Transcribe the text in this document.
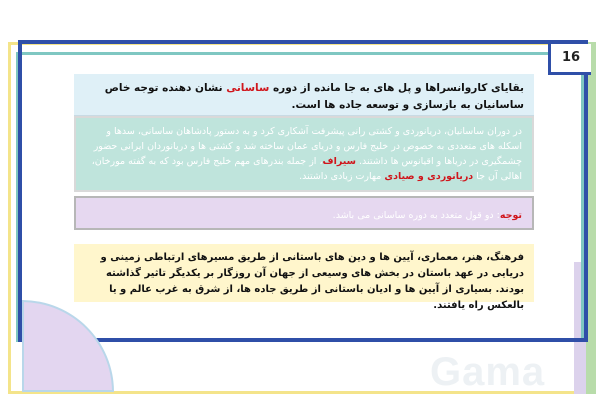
16
بقایای کاروانسراها و پل های به جا مانده از دوره ساسانی نشان دهنده توجه خاص ساسانیان به بازسازی و توسعه جاده ها است.
در دوران ساسانیان، دریانوردی و کشتی رانی پیشرفت آشکاری کرد و به دستور پادشاهان ساسانی، سدها و اسکله های متعددی به خصوص در خلیج فارس و دریای عمان ساخته شد و کشتی ها و دریانوردان ایرانی حضور چشمگیری در دریاها و اقیانوس ها داشتند. سیراف، از جمله بندرهای مهم خلیج فارس بود که به گفته مورخان، اهالی آن جا دریانوردی و صیادی مهارت زیادی داشتند.
توجه: دو قول متعدد به دوره ساسانی می باشد.
فرهنگ، هنر، معماری، آیین ها و دین های باستانی از طریق مسیرهای ارتباطی زمینی و دریایی در عهد باستان در بخش های وسیعی از جهان آن روزگار بر یکدیگر تاثیر گذاشته بودند. بسیاری از آیین ها و ادیان باستانی از طریق جاده ها، از شرق به غرب عالم و یا بالعکس راه یافتند.
Gama
